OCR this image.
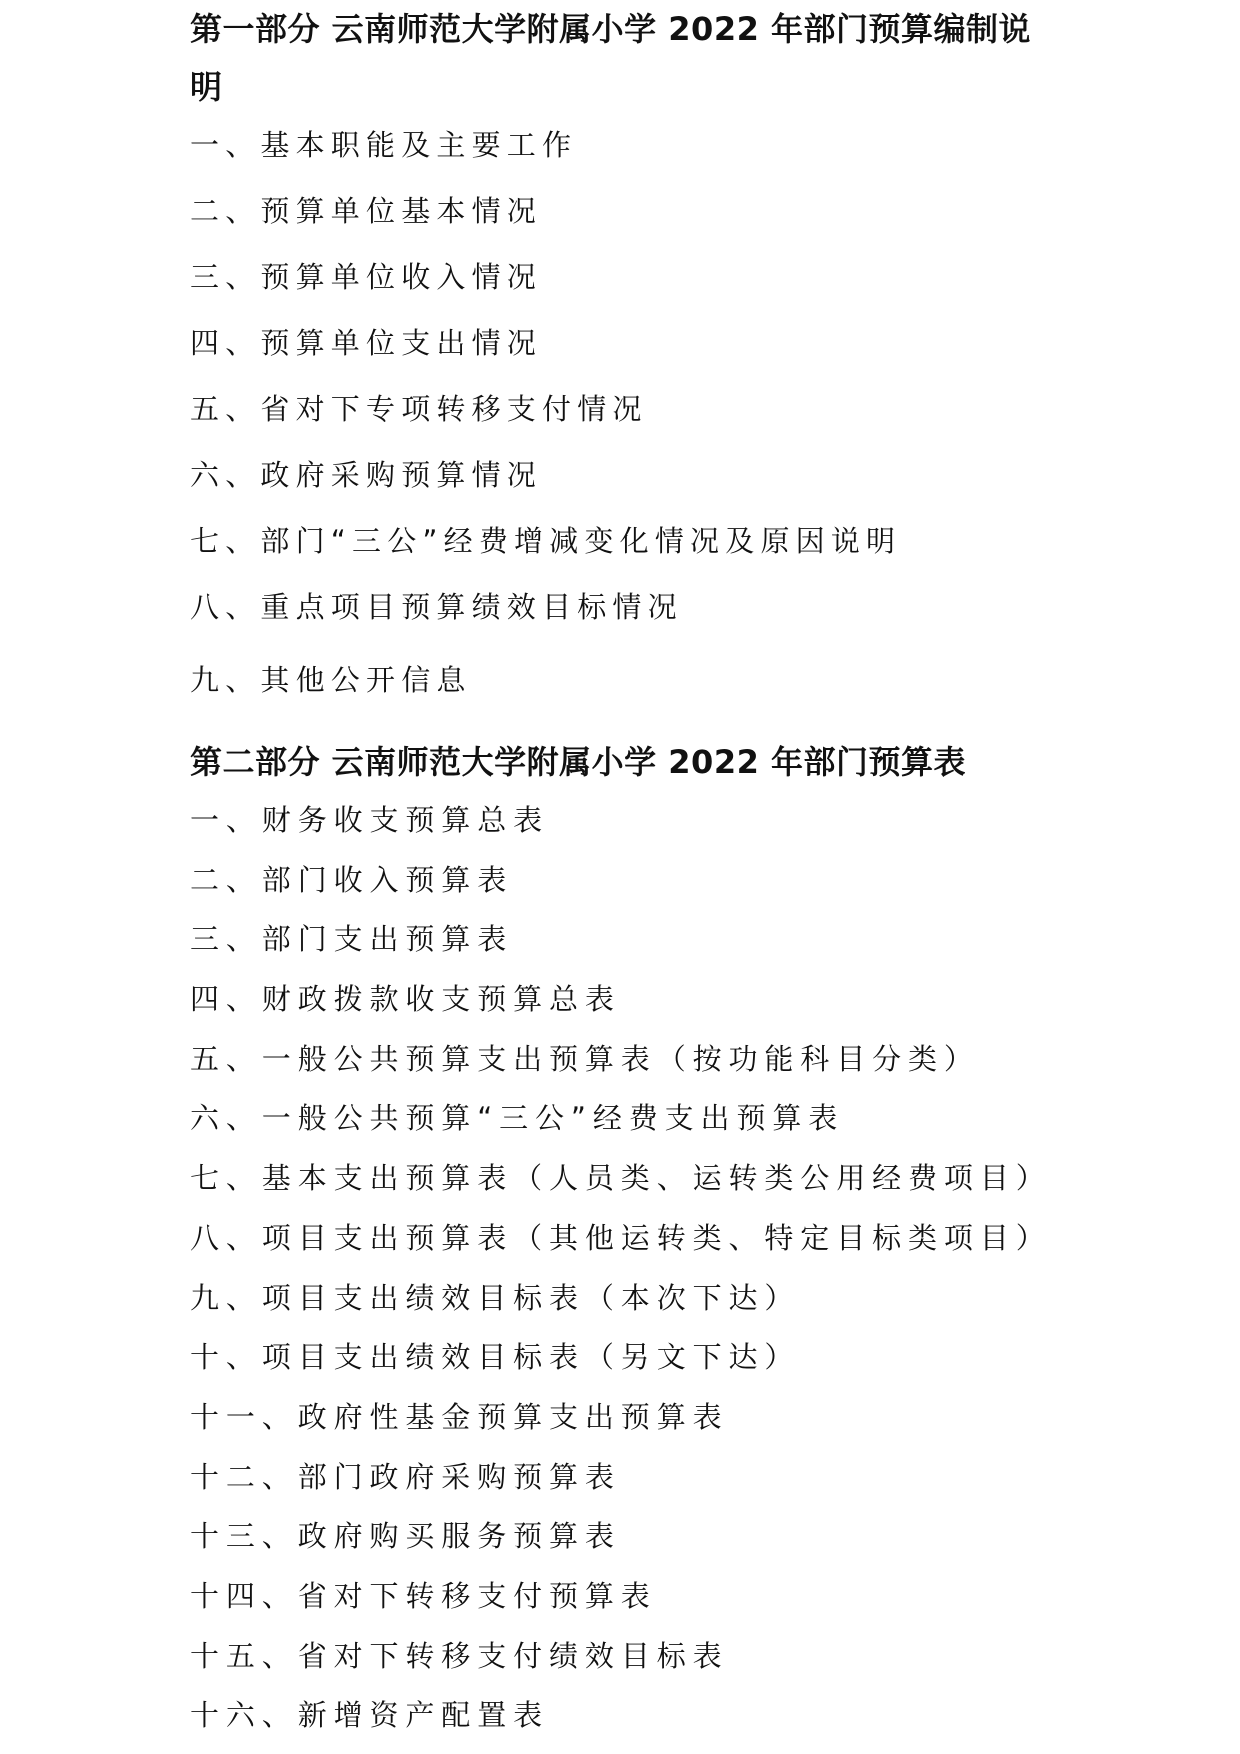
第一部分 云南师范大学附属小学 2022 年部门预算编制说
明
一、基本职能及主要工作
二、预算单位基本情况
三、预算单位收入情况
四、预算单位支出情况
五、省对下专项转移支付情况
六、政府采购预算情况
七、部门“三公”经费增减变化情况及原因说明
八、重点项目预算绩效目标情况
九、其他公开信息
第二部分 云南师范大学附属小学 2022 年部门预算表
一、财务收支预算总表
二、部门收入预算表
三、部门支出预算表
四、财政拨款收支预算总表
五、一般公共预算支出预算表（按功能科目分类）
六、一般公共预算“三公”经费支出预算表
七、基本支出预算表（人员类、运转类公用经费项目）
八、项目支出预算表（其他运转类、特定目标类项目）
九、项目支出绩效目标表（本次下达）
十、项目支出绩效目标表（另文下达）
十一、政府性基金预算支出预算表
十二、部门政府采购预算表
十三、政府购买服务预算表
十四、省对下转移支付预算表
十五、省对下转移支付绩效目标表
十六、新增资产配置表
